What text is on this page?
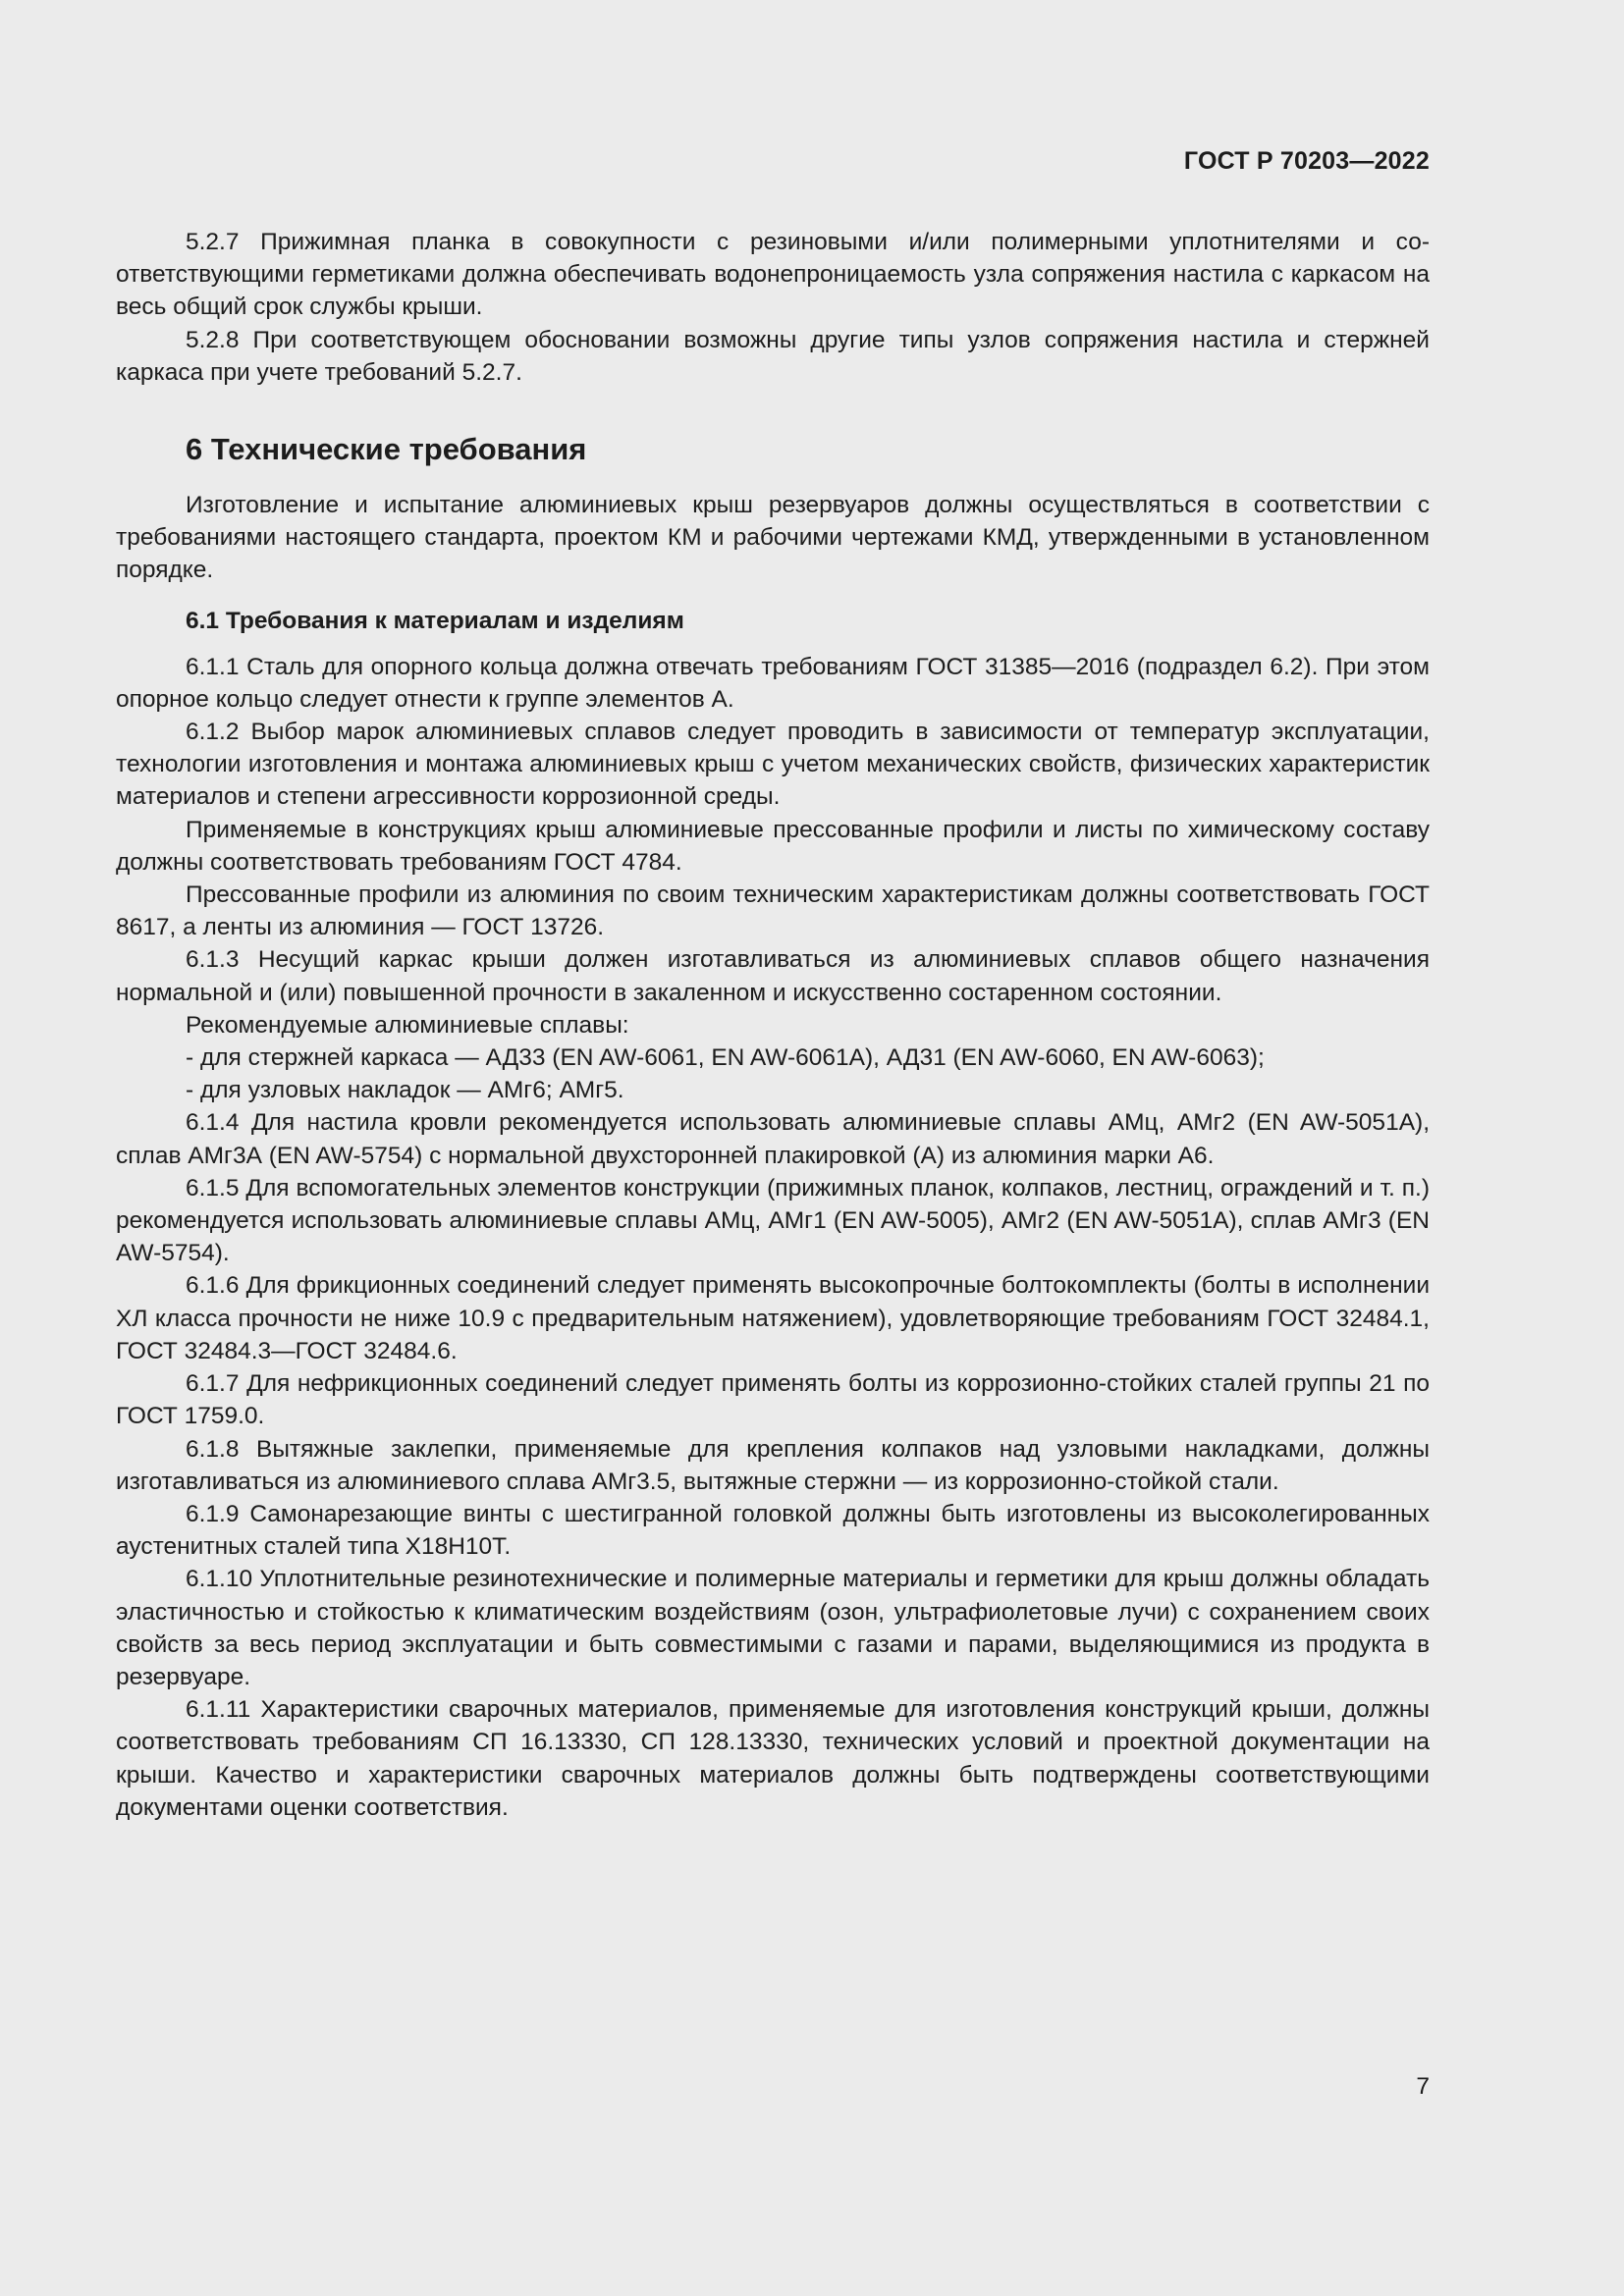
ГОСТ Р 70203—2022

5.2.7 Прижимная планка в совокупности с резиновыми и/или полимерными уплотнителями и соответствующими герметиками должна обеспечивать водонепроницаемость узла сопряжения настила с каркасом на весь общий срок службы крыши.

5.2.8 При соответствующем обосновании возможны другие типы узлов сопряжения настила и стержней каркаса при учете требований 5.2.7.

6 Технические требования

Изготовление и испытание алюминиевых крыш резервуаров должны осуществляться в соответствии с требованиями настоящего стандарта, проектом КМ и рабочими чертежами КМД, утвержденными в установленном порядке.

6.1 Требования к материалам и изделиям

6.1.1 Сталь для опорного кольца должна отвечать требованиям ГОСТ 31385—2016 (подраздел 6.2). При этом опорное кольцо следует отнести к группе элементов А.

6.1.2 Выбор марок алюминиевых сплавов следует проводить в зависимости от температур эксплуатации, технологии изготовления и монтажа алюминиевых крыш с учетом механических свойств, физических характеристик материалов и степени агрессивности коррозионной среды.

Применяемые в конструкциях крыш алюминиевые прессованные профили и листы по химическому составу должны соответствовать требованиям ГОСТ 4784.

Прессованные профили из алюминия по своим техническим характеристикам должны соответствовать ГОСТ 8617, а ленты из алюминия — ГОСТ 13726.

6.1.3 Несущий каркас крыши должен изготавливаться из алюминиевых сплавов общего назначения нормальной и (или) повышенной прочности в закаленном и искусственно состаренном состоянии.

Рекомендуемые алюминиевые сплавы:

- для стержней каркаса — АД33 (EN AW-6061, EN AW-6061A), АД31 (EN AW-6060, EN AW-6063);

- для узловых накладок — АМг6; АМг5.

6.1.4 Для настила кровли рекомендуется использовать алюминиевые сплавы АМц, АМг2 (EN AW-5051A), сплав АМг3А (EN AW-5754) с нормальной двухсторонней плакировкой (А) из алюминия марки А6.

6.1.5 Для вспомогательных элементов конструкции (прижимных планок, колпаков, лестниц, ограждений и т. п.) рекомендуется использовать алюминиевые сплавы АМц, АМг1 (EN AW-5005), АМг2 (EN AW-5051A), сплав АМг3 (EN AW-5754).

6.1.6 Для фрикционных соединений следует применять высокопрочные болтокомплекты (болты в исполнении ХЛ класса прочности не ниже 10.9 с предварительным натяжением), удовлетворяющие требованиям ГОСТ 32484.1, ГОСТ 32484.3—ГОСТ 32484.6.

6.1.7 Для нефрикционных соединений следует применять болты из коррозионно-стойких сталей группы 21 по ГОСТ 1759.0.

6.1.8 Вытяжные заклепки, применяемые для крепления колпаков над узловыми накладками, должны изготавливаться из алюминиевого сплава АМг3.5, вытяжные стержни — из коррозионно-стойкой стали.

6.1.9 Самонарезающие винты с шестигранной головкой должны быть изготовлены из высоколегированных аустенитных сталей типа Х18Н10Т.

6.1.10 Уплотнительные резинотехнические и полимерные материалы и герметики для крыш должны обладать эластичностью и стойкостью к климатическим воздействиям (озон, ультрафиолетовые лучи) с сохранением своих свойств за весь период эксплуатации и быть совместимыми с газами и парами, выделяющимися из продукта в резервуаре.

6.1.11 Характеристики сварочных материалов, применяемые для изготовления конструкций крыши, должны соответствовать требованиям СП 16.13330, СП 128.13330, технических условий и проектной документации на крыши. Качество и характеристики сварочных материалов должны быть подтверждены соответствующими документами оценки соответствия.

7
